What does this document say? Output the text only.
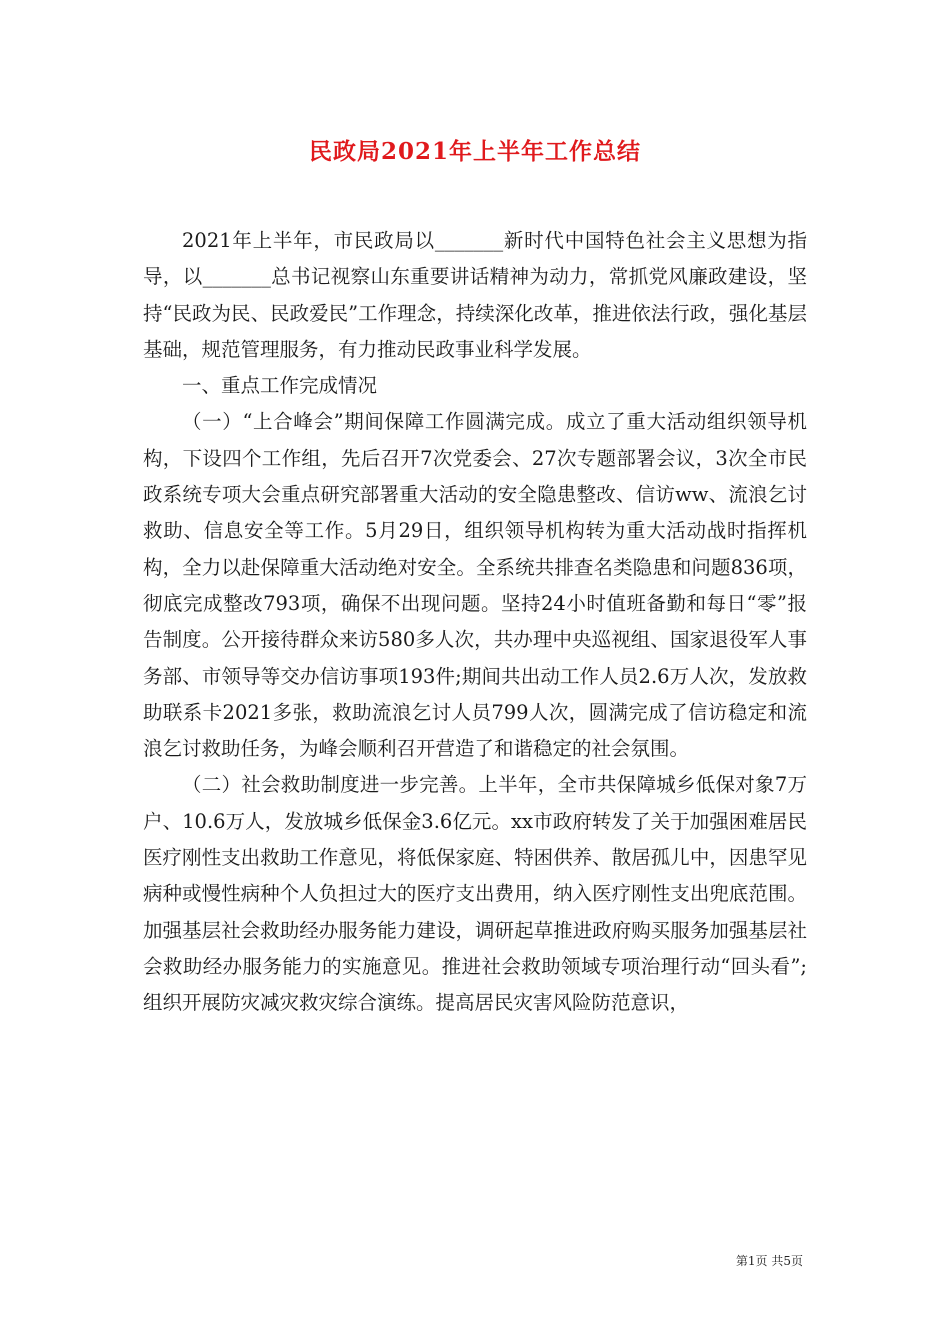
民政局2021年上半年工作总结

2021年上半年，市民政局以_______新时代中国特色社会主义思想为指导，以_______总书记视察山东重要讲话精神为动力，常抓党风廉政建设，坚持“民政为民、民政爱民”工作理念，持续深化改革，推进依法行政，强化基层基础，规范管理服务，有力推动民政事业科学发展。

一、重点工作完成情况

（一）“上合峰会”期间保障工作圆满完成。成立了重大活动组织领导机构，下设四个工作组，先后召开7次党委会、27次专题部署会议，3次全市民政系统专项大会重点研究部署重大活动的安全隐患整改、信访ww、流浪乞讨救助、信息安全等工作。5月29日，组织领导机构转为重大活动战时指挥机构，全力以赴保障重大活动绝对安全。全系统共排查名类隐患和问题836项，彻底完成整改793项，确保不出现问题。坚持24小时值班备勤和每日“零”报告制度。公开接待群众来访580多人次，共办理中央巡视组、国家退役军人事务部、市领导等交办信访事项193件;期间共出动工作人员2.6万人次，发放救助联系卡2021多张，救助流浪乞讨人员799人次，圆满完成了信访稳定和流浪乞讨救助任务，为峰会顺利召开营造了和谐稳定的社会氛围。

（二）社会救助制度进一步完善。上半年，全市共保障城乡低保对象7万户、10.6万人，发放城乡低保金3.6亿元。xx市政府转发了关于加强困难居民医疗刚性支出救助工作意见，将低保家庭、特困供养、散居孤儿中，因患罕见病种或慢性病种个人负担过大的医疗支出费用，纳入医疗刚性支出兜底范围。加强基层社会救助经办服务能力建设，调研起草推进政府购买服务加强基层社会救助经办服务能力的实施意见。推进社会救助领域专项治理行动“回头看”;组织开展防灾减灾救灾综合演练。提高居民灾害风险防范意识，

第1页 共5页
